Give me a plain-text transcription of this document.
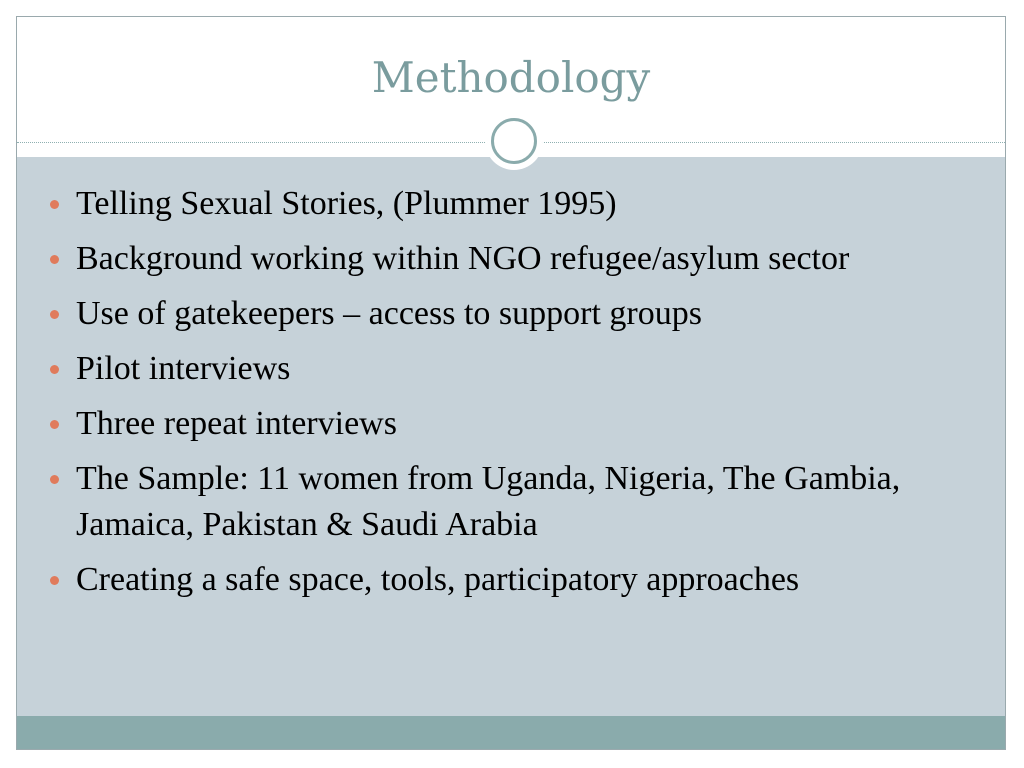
Methodology
Telling Sexual Stories, (Plummer 1995)
Background working within NGO refugee/asylum sector
Use of gatekeepers – access to support groups
Pilot interviews
Three repeat interviews
The Sample: 11 women from Uganda, Nigeria, The Gambia, Jamaica, Pakistan & Saudi Arabia
Creating a safe space, tools, participatory approaches
